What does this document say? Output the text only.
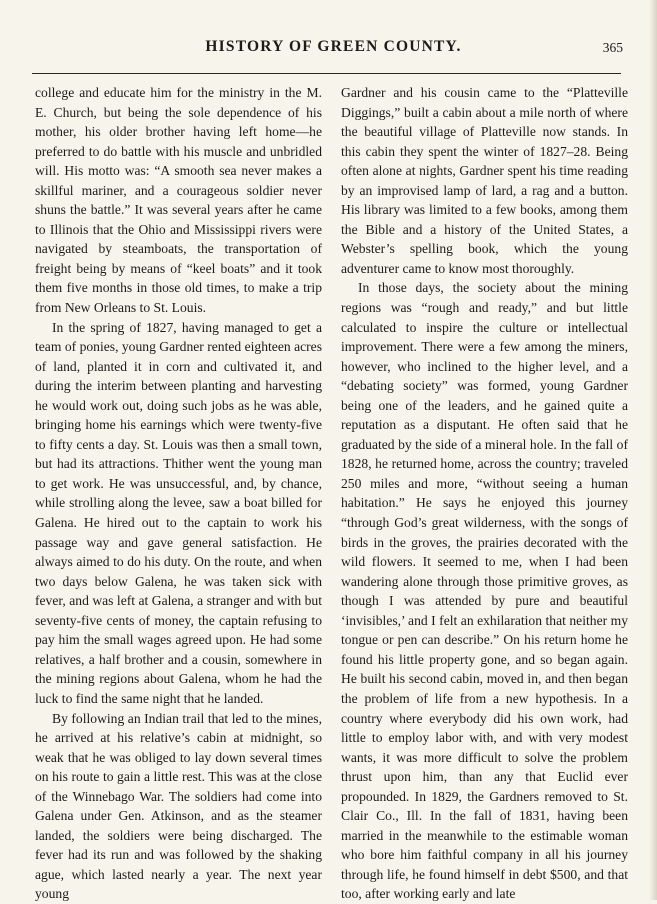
HISTORY OF GREEN COUNTY.	365

college and educate him for the ministry in the M. E. Church, but being the sole dependence of his mother, his older brother having left home—he preferred to do battle with his muscle and unbridled will. His motto was: “A smooth sea never makes a skillful mariner, and a courageous soldier never shuns the battle.” It was several years after he came to Illinois that the Ohio and Mississippi rivers were navigated by steamboats, the transportation of freight being by means of “keel boats” and it took them five months in those old times, to make a trip from New Orleans to St. Louis.

In the spring of 1827, having managed to get a team of ponies, young Gardner rented eighteen acres of land, planted it in corn and cultivated it, and during the interim between planting and harvesting he would work out, doing such jobs as he was able, bringing home his earnings which were twenty-five to fifty cents a day. St. Louis was then a small town, but had its attractions. Thither went the young man to get work. He was unsuccessful, and, by chance, while strolling along the levee, saw a boat billed for Galena. He hired out to the captain to work his passage way and gave general satisfaction. He always aimed to do his duty. On the route, and when two days below Galena, he was taken sick with fever, and was left at Galena, a stranger and with but seventy-five cents of money, the captain refusing to pay him the small wages agreed upon. He had some relatives, a half brother and a cousin, somewhere in the mining regions about Galena, whom he had the luck to find the same night that he landed.

By following an Indian trail that led to the mines, he arrived at his relative’s cabin at midnight, so weak that he was obliged to lay down several times on his route to gain a little rest. This was at the close of the Winnebago War. The soldiers had come into Galena under Gen. Atkinson, and as the steamer landed, the soldiers were being discharged. The fever had its run and was followed by the shaking ague, which lasted nearly a year. The next year young

Gardner and his cousin came to the “Platteville Diggings,” built a cabin about a mile north of where the beautiful village of Platteville now stands. In this cabin they spent the winter of 1827–28. Being often alone at nights, Gardner spent his time reading by an improvised lamp of lard, a rag and a button. His library was limited to a few books, among them the Bible and a history of the United States, a Webster’s spelling book, which the young adventurer came to know most thoroughly.

In those days, the society about the mining regions was “rough and ready,” and but little calculated to inspire the culture or intellectual improvement. There were a few among the miners, however, who inclined to the higher level, and a “debating society” was formed, young Gardner being one of the leaders, and he gained quite a reputation as a disputant. He often said that he graduated by the side of a mineral hole. In the fall of 1828, he returned home, across the country; traveled 250 miles and more, “without seeing a human habitation.” He says he enjoyed this journey “through God’s great wilderness, with the songs of birds in the groves, the prairies decorated with the wild flowers. It seemed to me, when I had been wandering alone through those primitive groves, as though I was attended by pure and beautiful ‘invisibles,’ and I felt an exhilaration that neither my tongue or pen can describe.” On his return home he found his little property gone, and so began again. He built his second cabin, moved in, and then began the problem of life from a new hypothesis. In a country where everybody did his own work, had little to employ labor with, and with very modest wants, it was more difficult to solve the problem thrust upon him, than any that Euclid ever propounded. In 1829, the Gardners removed to St. Clair Co., Ill. In the fall of 1831, having been married in the meanwhile to the estimable woman who bore him faithful company in all his journey through life, he found himself in debt $500, and that too, after working early and late
